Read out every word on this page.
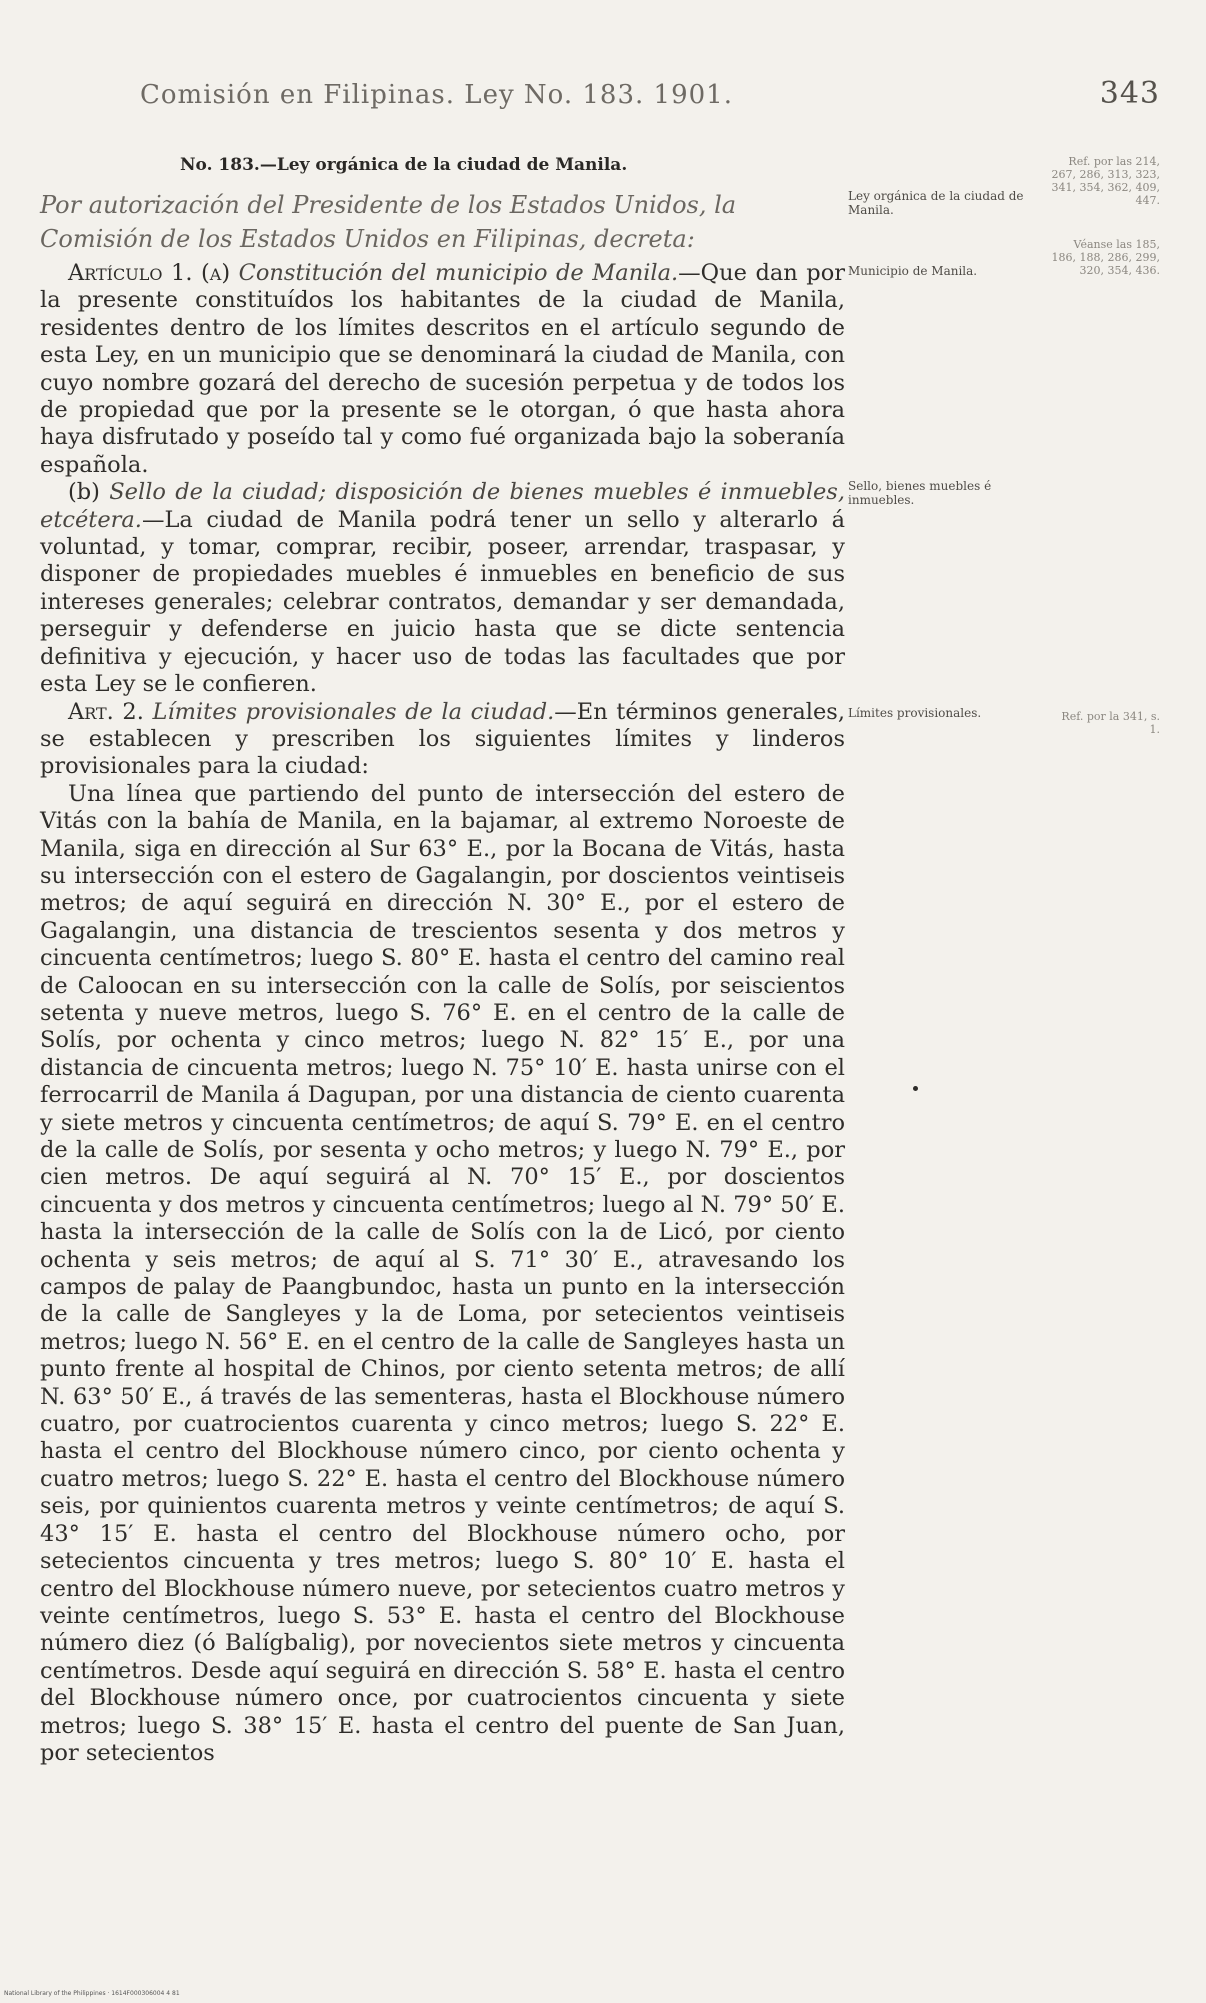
Comisión en Filipinas. Ley No. 183. 1901.	343
No. 183.—Ley orgánica de la ciudad de Manila.
Por autorización del Presidente de los Estados Unidos, la Comisión de los Estados Unidos en Filipinas, decreta:

Artículo 1. (a) Constitución del municipio de Manila.—Que dan por la presente constituídos los habitantes de la ciudad de Manila, residentes dentro de los límites descritos en el artículo segundo de esta Ley, en un municipio que se denominará la ciudad de Manila, con cuyo nombre gozará del derecho de sucesión perpetua y de todos los de propiedad que por la presente se le otorgan, ó que hasta ahora haya disfrutado y poseído tal y como fué organizada bajo la soberanía española.

(b) Sello de la ciudad; disposición de bienes muebles é inmuebles, etcétera.—La ciudad de Manila podrá tener un sello y alterarlo á voluntad, y tomar, comprar, recibir, poseer, arrendar, traspasar, y disponer de propiedades muebles é inmuebles en beneficio de sus intereses generales; celebrar contratos, demandar y ser demandada, perseguir y defenderse en juicio hasta que se dicte sentencia definitiva y ejecución, y hacer uso de todas las facultades que por esta Ley se le confieren.

Art. 2. Límites provisionales de la ciudad.—En términos generales, se establecen y prescriben los siguientes límites y linderos provisionales para la ciudad:

Una línea que partiendo del punto de intersección del estero de Vitás con la bahía de Manila, en la bajamar, al extremo Noroeste de Manila, siga en dirección al Sur 63° E., por la Bocana de Vitás, hasta su intersección con el estero de Gagalangin, por doscientos veintiseis metros; de aquí seguirá en dirección N. 30° E., por el estero de Gagalangin, una distancia de trescientos sesenta y dos metros y cincuenta centímetros; luego S. 80° E. hasta el centro del camino real de Caloocan en su intersección con la calle de Solís, por seiscientos setenta y nueve metros, luego S. 76° E. en el centro de la calle de Solís, por ochenta y cinco metros; luego N. 82° 15′ E., por una distancia de cincuenta metros; luego N. 75° 10′ E. hasta unirse con el ferrocarril de Manila á Dagupan, por una distancia de ciento cuarenta y siete metros y cincuenta centímetros; de aquí S. 79° E. en el centro de la calle de Solís, por sesenta y ocho metros; y luego N. 79° E., por cien metros. De aquí seguirá al N. 70° 15′ E., por doscientos cincuenta y dos metros y cincuenta centímetros; luego al N. 79° 50′ E. hasta la intersección de la calle de Solís con la de Licó, por ciento ochenta y seis metros; de aquí al S. 71° 30′ E., atravesando los campos de palay de Paangbundoc, hasta un punto en la intersección de la calle de Sangleyes y la de Loma, por setecientos veintiseis metros; luego N. 56° E. en el centro de la calle de Sangleyes hasta un punto frente al hospital de Chinos, por ciento setenta metros; de allí N. 63° 50′ E., á través de las sementeras, hasta el Blockhouse número cuatro, por cuatrocientos cuarenta y cinco metros; luego S. 22° E. hasta el centro del Blockhouse número cinco, por ciento ochenta y cuatro metros; luego S. 22° E. hasta el centro del Blockhouse número seis, por quinientos cuarenta metros y veinte centímetros; de aquí S. 43° 15′ E. hasta el centro del Blockhouse número ocho, por setecientos cincuenta y tres metros; luego S. 80° 10′ E. hasta el centro del Blockhouse número nueve, por setecientos cuatro metros y veinte centímetros, luego S. 53° E. hasta el centro del Blockhouse número diez (ó Balígbalig), por novecientos siete metros y cincuenta centímetros. Desde aquí seguirá en dirección S. 58° E. hasta el centro del Blockhouse número once, por cuatrocientos cincuenta y siete metros; luego S. 38° 15′ E. hasta el centro del puente de San Juan, por setecientos

Ley orgánica de la ciudad de Manila.
Municipio de Manila.
Sello, bienes muebles é inmuebles.
Límites provisionales.
Ref. por las 214, 267, 286, 313, 323, 341, 354, 362, 409, 447.
Véanse las 185, 186, 188, 286, 299, 320, 354, 436.
Ref. por la 341, s. 1.
National Library of the Philippines · 1614F000306004 4 81
